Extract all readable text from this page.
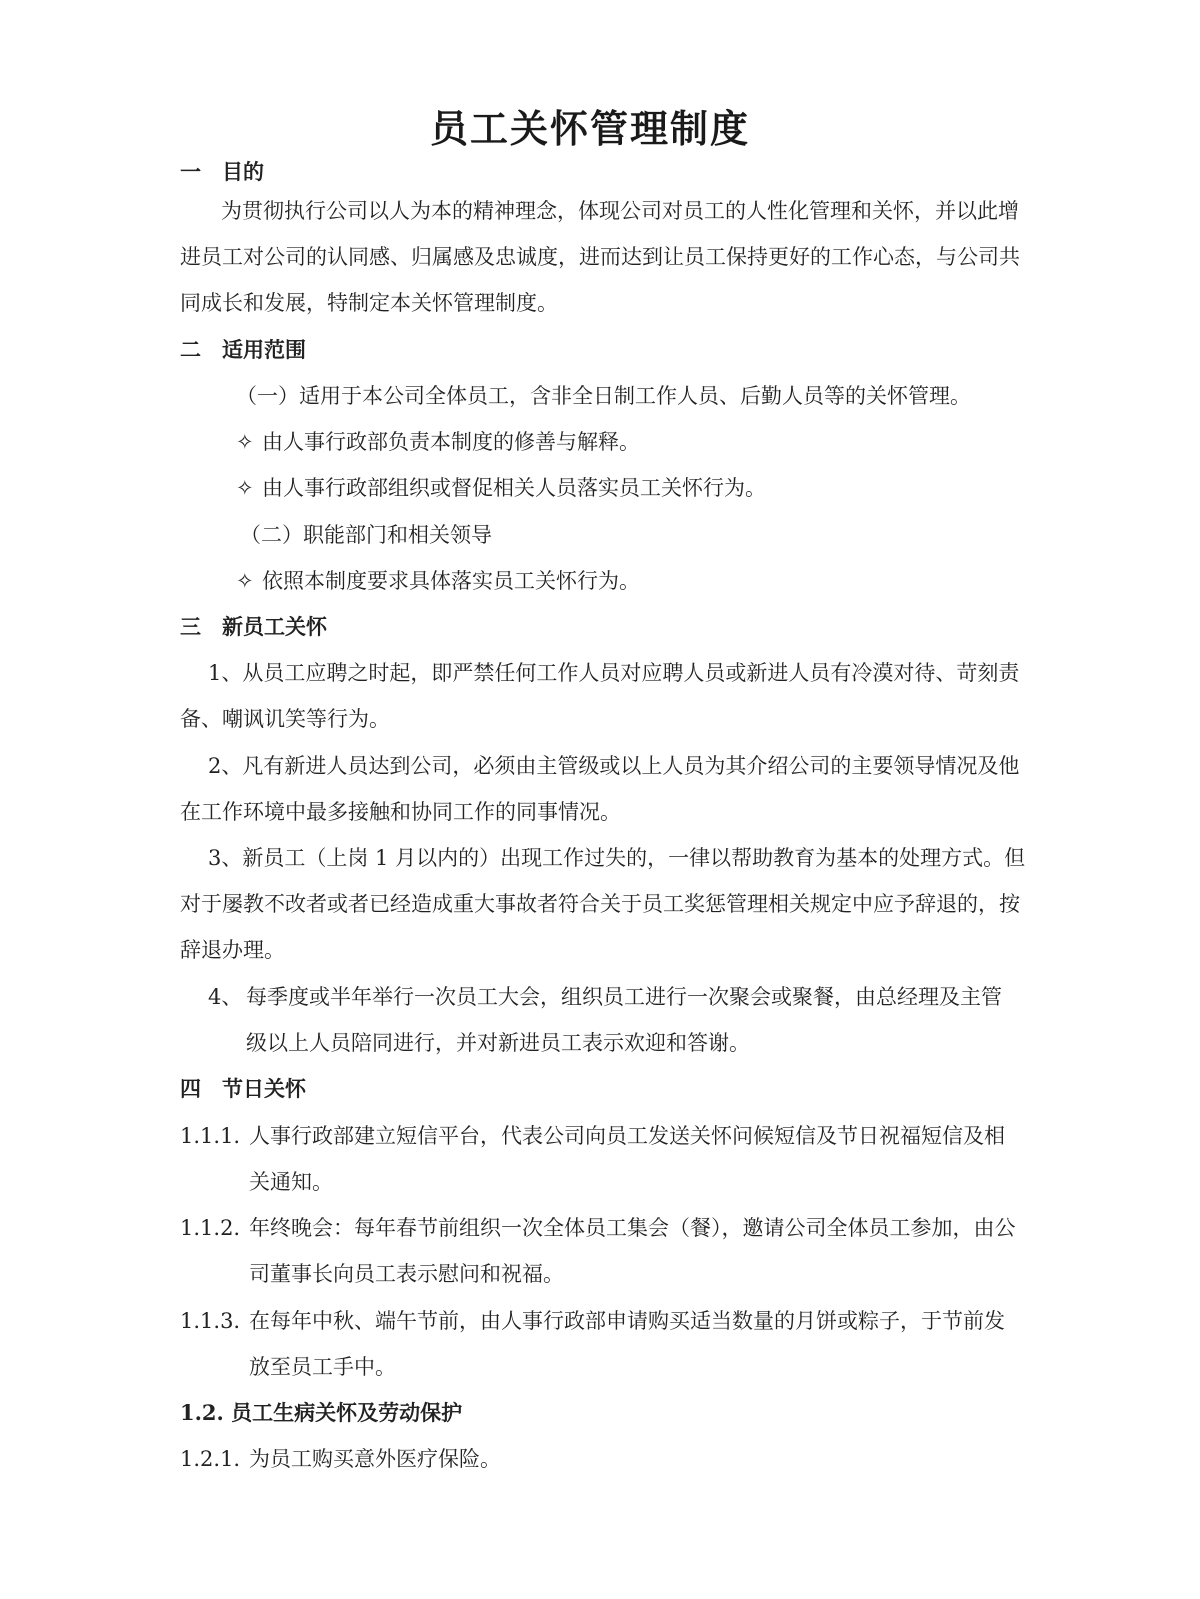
员工关怀管理制度
一 目的
为贯彻执行公司以人为本的精神理念，体现公司对员工的人性化管理和关怀，并以此增
进员工对公司的认同感、归属感及忠诚度，进而达到让员工保持更好的工作心态，与公司共
同成长和发展，特制定本关怀管理制度。
二 适用范围
（一）适用于本公司全体员工，含非全日制工作人员、后勤人员等的关怀管理。
✧ 由人事行政部负责本制度的修善与解释。
✧ 由人事行政部组织或督促相关人员落实员工关怀行为。
（二）职能部门和相关领导
✧ 依照本制度要求具体落实员工关怀行为。
三 新员工关怀
1、从员工应聘之时起，即严禁任何工作人员对应聘人员或新进人员有冷漠对待、苛刻责
备、嘲讽讥笑等行为。
2、凡有新进人员达到公司，必须由主管级或以上人员为其介绍公司的主要领导情况及他
在工作环境中最多接触和协同工作的同事情况。
3、新员工（上岗 1 月以内的）出现工作过失的，一律以帮助教育为基本的处理方式。但
对于屡教不改者或者已经造成重大事故者符合关于员工奖惩管理相关规定中应予辞退的，按
辞退办理。
4、 每季度或半年举行一次员工大会，组织员工进行一次聚会或聚餐，由总经理及主管
级以上人员陪同进行，并对新进员工表示欢迎和答谢。
四 节日关怀
1.1.1. 人事行政部建立短信平台，代表公司向员工发送关怀问候短信及节日祝福短信及相
关通知。
1.1.2. 年终晚会：每年春节前组织一次全体员工集会（餐），邀请公司全体员工参加，由公
司董事长向员工表示慰问和祝福。
1.1.3. 在每年中秋、端午节前，由人事行政部申请购买适当数量的月饼或粽子，于节前发
放至员工手中。
1.2. 员工生病关怀及劳动保护
1.2.1. 为员工购买意外医疗保险。
